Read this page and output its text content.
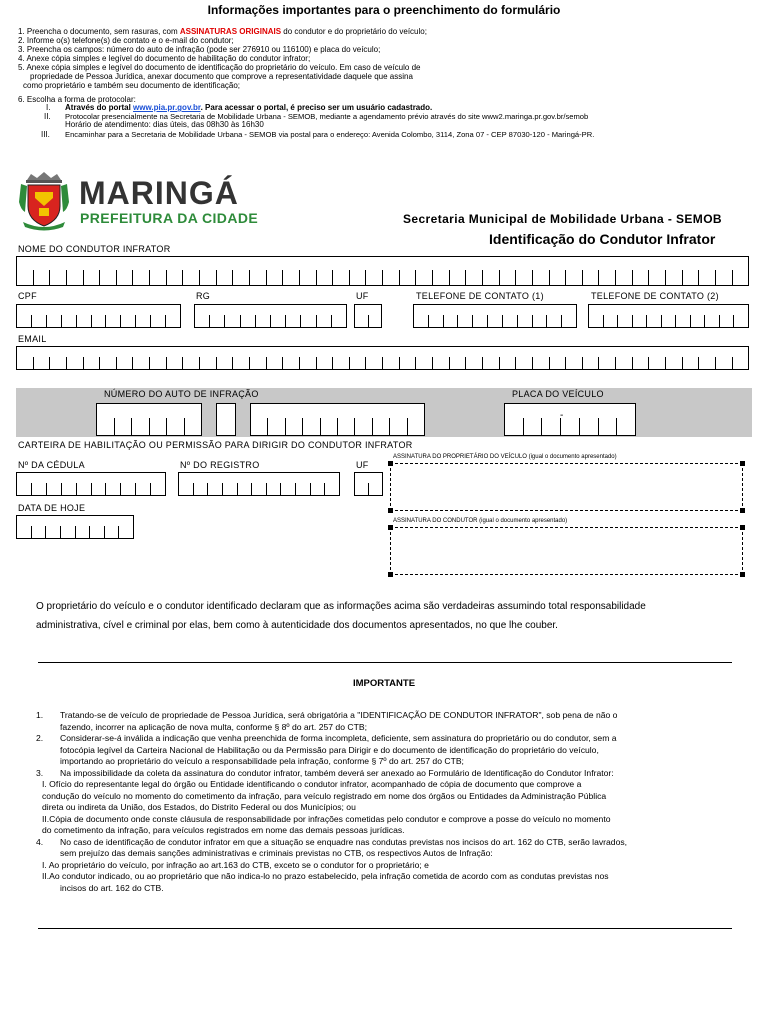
Informações importantes para o preenchimento do formulário
1. Preencha o documento, sem rasuras, com ASSINATURAS ORIGINAIS do condutor e do proprietário do veículo;
2. Informe o(s) telefone(s) de contato e o e-mail do condutor;
3. Preencha os campos: número do auto de infração (pode ser 276910 ou 116100) e placa do veículo;
4. Anexe cópia simples e legível do documento de habilitação do condutor infrator;
5. Anexe cópia simples e legível do documento de identificação do proprietário do veículo. Em caso de veículo de
propriedade de Pessoa Jurídica, anexar documento que comprove a representatividade daquele que assina
como proprietário e também seu documento de identificação;
6. Escolha a forma de protocolar:
I. Através do portal www.pia.pr.gov.br. Para acessar o portal, é preciso ser um usuário cadastrado.
II. Protocolar presencialmente na Secretaria de Mobilidade Urbana - SEMOB, mediante a agendamento prévio através do site www2.maringa.pr.gov.br/semob
Horário de atendimento: dias úteis, das 08h30 às 16h30
III. Encaminhar para a Secretaria de Mobilidade Urbana - SEMOB via postal para o endereço: Avenida Colombo, 3114, Zona 07 - CEP 87030-120 - Maringá-PR.
MARINGÁ
PREFEITURA DA CIDADE	Secretaria Municipal de Mobilidade Urbana - SEMOB
Identificação do Condutor Infrator
NOME DO CONDUTOR INFRATOR
CPF	RG	UF	TELEFONE DE CONTATO (1)	TELEFONE DE CONTATO (2)
EMAIL
NÚMERO DO AUTO DE INFRAÇÃO	PLACA DO VEÍCULO
-
CARTEIRA DE HABILITAÇÃO OU PERMISSÃO PARA DIRIGIR DO CONDUTOR INFRATOR
Nº DA CÉDULA	Nº DO REGISTRO	UF
DATA DE HOJE
ASSINATURA DO PROPRIETÁRIO DO VEÍCULO (igual o documento apresentado)
ASSINATURA DO CONDUTOR (igual o documento apresentado)
O proprietário do veículo e o condutor identificado declaram que as informações acima são verdadeiras assumindo total responsabilidade
administrativa, cível e criminal por elas, bem como à autenticidade dos documentos apresentados, no que lhe couber.
IMPORTANTE

1. Tratando-se de veículo de propriedade de Pessoa Jurídica, será obrigatória a "IDENTIFICAÇÃO DE CONDUTOR INFRATOR", sob pena de não o

fazendo, incorrer na aplicação de nova multa, conforme § 8º do art. 257 do CTB;

2. Considerar-se-á inválida a indicação que venha preenchida de forma incompleta, deficiente, sem assinatura do proprietário ou do condutor, sem a

fotocópia legível da Carteira Nacional de Habilitação ou da Permissão para Dirigir e do documento de identificação do proprietário do veículo,

importando ao proprietário do veículo a responsabilidade pela infração, conforme § 7º do art. 257 do CTB;

3. Na impossibilidade da coleta da assinatura do condutor infrator, também deverá ser anexado ao Formulário de Identificação do Condutor Infrator:

I. Ofício do representante legal do órgão ou Entidade identificando o condutor infrator, acompanhado de cópia de documento que comprove a

condução do veículo no momento do cometimento da infração, para veículo registrado em nome dos órgãos ou Entidades da Administração Pública

direta ou indireta da União, dos Estados, do Distrito Federal ou dos Municípios; ou

II.Cópia de documento onde conste cláusula de responsabilidade por infrações cometidas pelo condutor e comprove a posse do veículo no momento

do cometimento da infração, para veículos registrados em nome das demais pessoas jurídicas.

4. No caso de identificação de condutor infrator em que a situação se enquadre nas condutas previstas nos incisos do art. 162 do CTB, serão lavrados,

sem prejuízo das demais sanções administrativas e criminais previstas no CTB, os respectivos Autos de Infração:

I. Ao proprietário do veículo, por infração ao art.163 do CTB, exceto se o condutor for o proprietário; e

II.Ao condutor indicado, ou ao proprietário que não indica-lo no prazo estabelecido, pela infração cometida de acordo com as condutas previstas nos

incisos do art. 162 do CTB.
